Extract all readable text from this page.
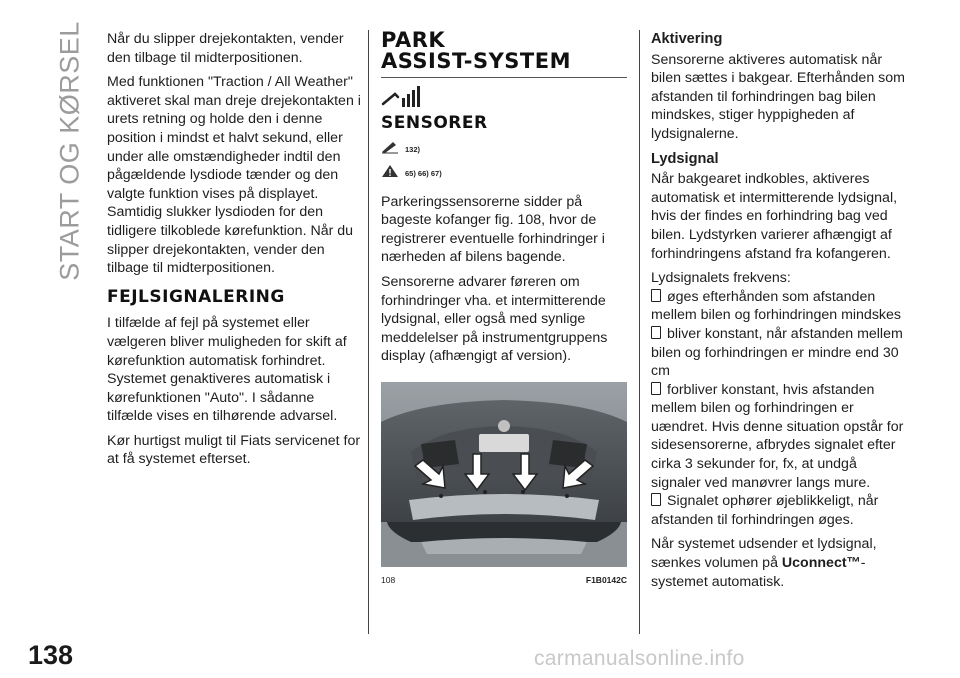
START OG KØRSEL
138

Når du slipper drejekontakten, vender den tilbage til midterpositionen.

Med funktionen "Traction / All Weather" aktiveret skal man dreje drejekontakten i urets retning og holde den i denne position i mindst et halvt sekund, eller under alle omstændigheder indtil den pågældende lysdiode tænder og den valgte funktion vises på displayet. Samtidig slukker lysdioden for den tidligere tilkoblede kørefunktion. Når du slipper drejekontakten, vender den tilbage til midterpositionen.

FEJLSIGNALERING

I tilfælde af fejl på systemet eller vælgeren bliver muligheden for skift af kørefunktion automatisk forhindret. Systemet genaktiveres automatisk i kørefunktionen "Auto". I sådanne tilfælde vises en tilhørende advarsel.

Kør hurtigst muligt til Fiats servicenet for at få systemet efterset.

PARK
ASSIST-SYSTEM
SENSORER
132)
65) 66) 67)

Parkeringssensorerne sidder på bageste kofanger fig. 108, hvor de registrerer eventuelle forhindringer i nærheden af bilens bagende.

Sensorerne advarer føreren om forhindringer vha. et intermitterende lydsignal, eller også med synlige meddelelser på instrumentgruppens display (afhængigt af version).

108	F1B0142C
Aktivering

Sensorerne aktiveres automatisk når bilen sættes i bakgear. Efterhånden som afstanden til forhindringen bag bilen mindskes, stiger hyppigheden af lydsignalerne.

Lydsignal

Når bakgearet indkobles, aktiveres automatisk et intermitterende lydsignal, hvis der findes en forhindring bag ved bilen. Lydstyrken varierer afhængigt af forhindringens afstand fra kofangeren.

Lydsignalets frekvens:
øges efterhånden som afstanden mellem bilen og forhindringen mindskes
bliver konstant, når afstanden mellem bilen og forhindringen er mindre end 30 cm
forbliver konstant, hvis afstanden mellem bilen og forhindringen er uændret. Hvis denne situation opstår for sidesensorerne, afbrydes signalet efter cirka 3 sekunder for, fx, at undgå signaler ved manøvrer langs mure.
Signalet ophører øjeblikkeligt, når afstanden til forhindringen øges.

Når systemet udsender et lydsignal, sænkes volumen på Uconnect™-systemet automatisk.

carmanualsonline.info
